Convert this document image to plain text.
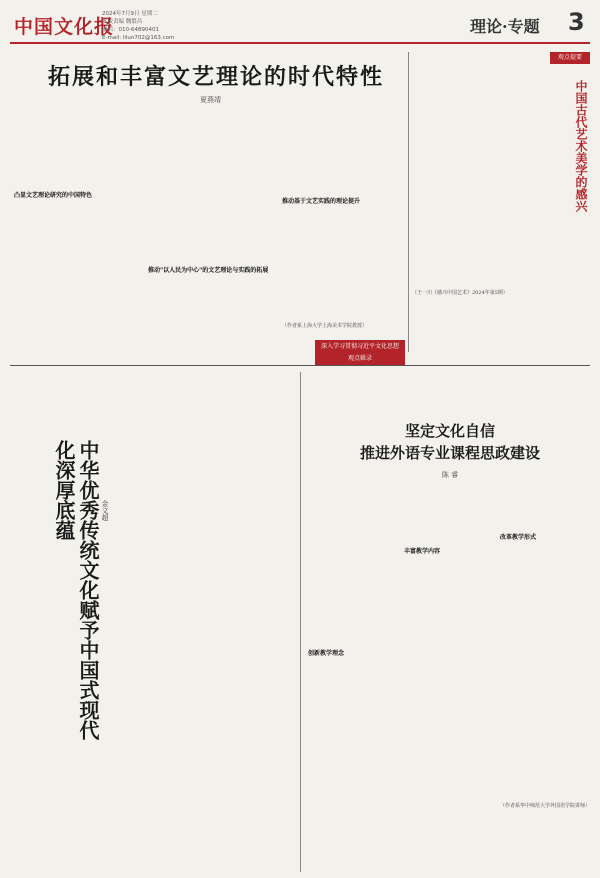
中国文化报
2024年7月9日 星期二
本版责编 魏繁昌
电话：010-64890401
E-mail: lilun702@163.com
理论·专题 3
拓展和丰富文艺理论的时代特性
夏燕靖
凸显文艺理论研究的中国特色
推动"以人民为中心"的文艺理论与实践的拓展
推动基于文艺实践的理论提升
（作者系上海大学上海美术学院教授）
观点提要
中国古代艺术美学的感兴
（王一川《感兴中国艺术》2024年第5期）
深入学习贯彻习近平文化思想
观点辑录
中华优秀传统文化赋予中国式现代化深厚底蕴	金文超
坚定文化自信
推进外语专业课程思政建设
陈 睿
创新教学理念
丰富教学内容
改革教学形式
（作者系华中师范大学外国语学院讲师）
